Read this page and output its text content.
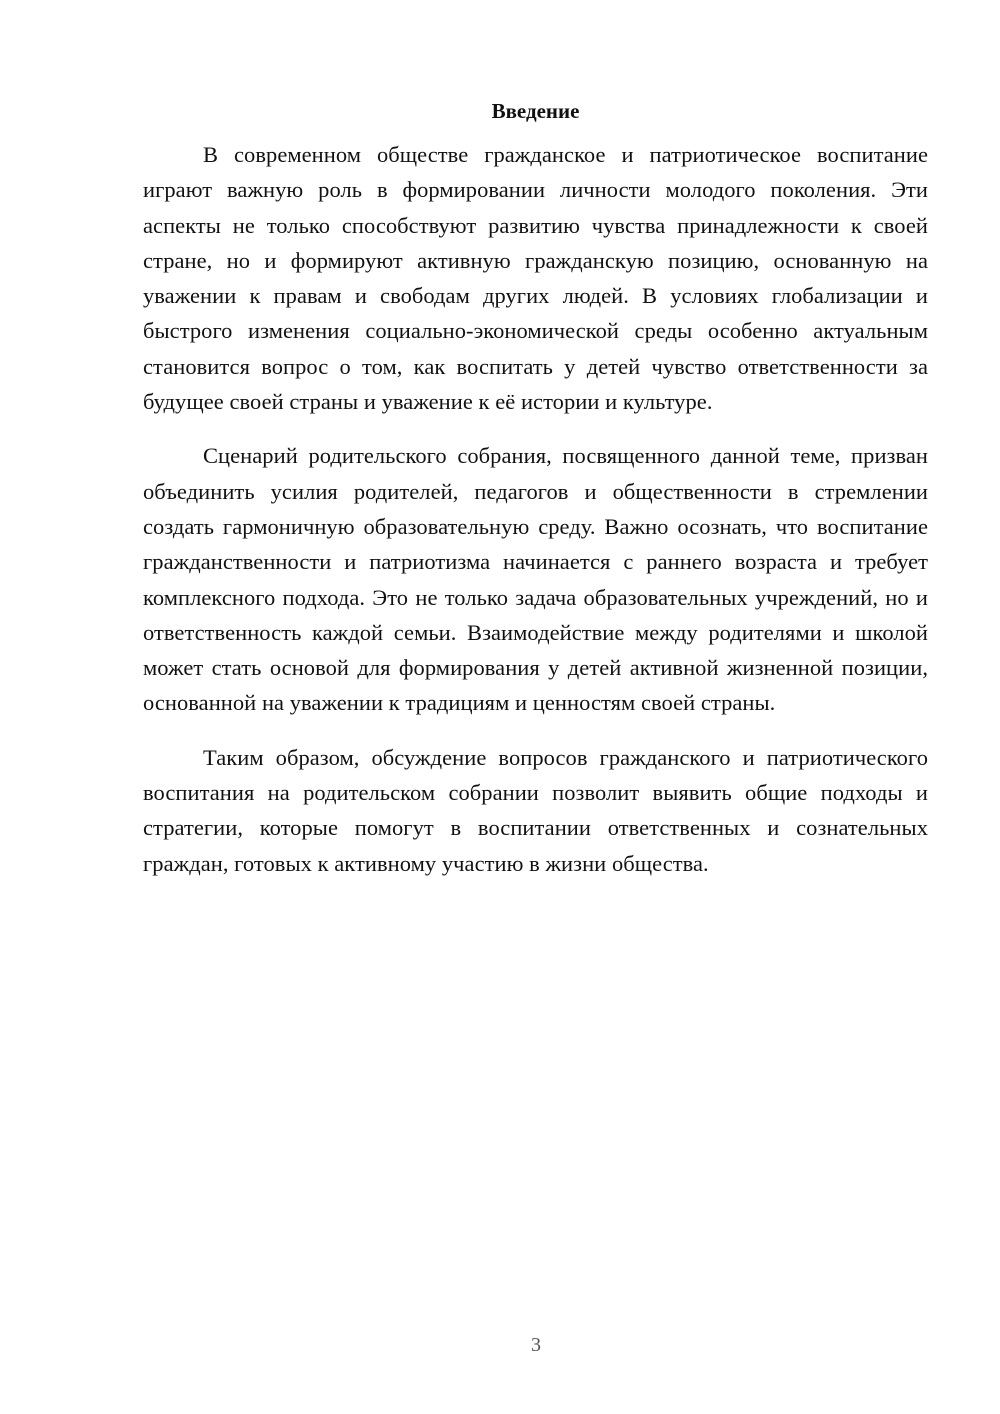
Введение

В современном обществе гражданское и патриотическое воспитание играют важную роль в формировании личности молодого поколения. Эти аспекты не только способствуют развитию чувства принадлежности к своей стране, но и формируют активную гражданскую позицию, основанную на уважении к правам и свободам других людей. В условиях глобализации и быстрого изменения социально-экономической среды особенно актуальным становится вопрос о том, как воспитать у детей чувство ответственности за будущее своей страны и уважение к её истории и культуре.

Сценарий родительского собрания, посвященного данной теме, призван объединить усилия родителей, педагогов и общественности в стремлении создать гармоничную образовательную среду. Важно осознать, что воспитание гражданственности и патриотизма начинается с раннего возраста и требует комплексного подхода. Это не только задача образовательных учреждений, но и ответственность каждой семьи. Взаимодействие между родителями и школой может стать основой для формирования у детей активной жизненной позиции, основанной на уважении к традициям и ценностям своей страны.

Таким образом, обсуждение вопросов гражданского и патриотического воспитания на родительском собрании позволит выявить общие подходы и стратегии, которые помогут в воспитании ответственных и сознательных граждан, готовых к активному участию в жизни общества.

3
